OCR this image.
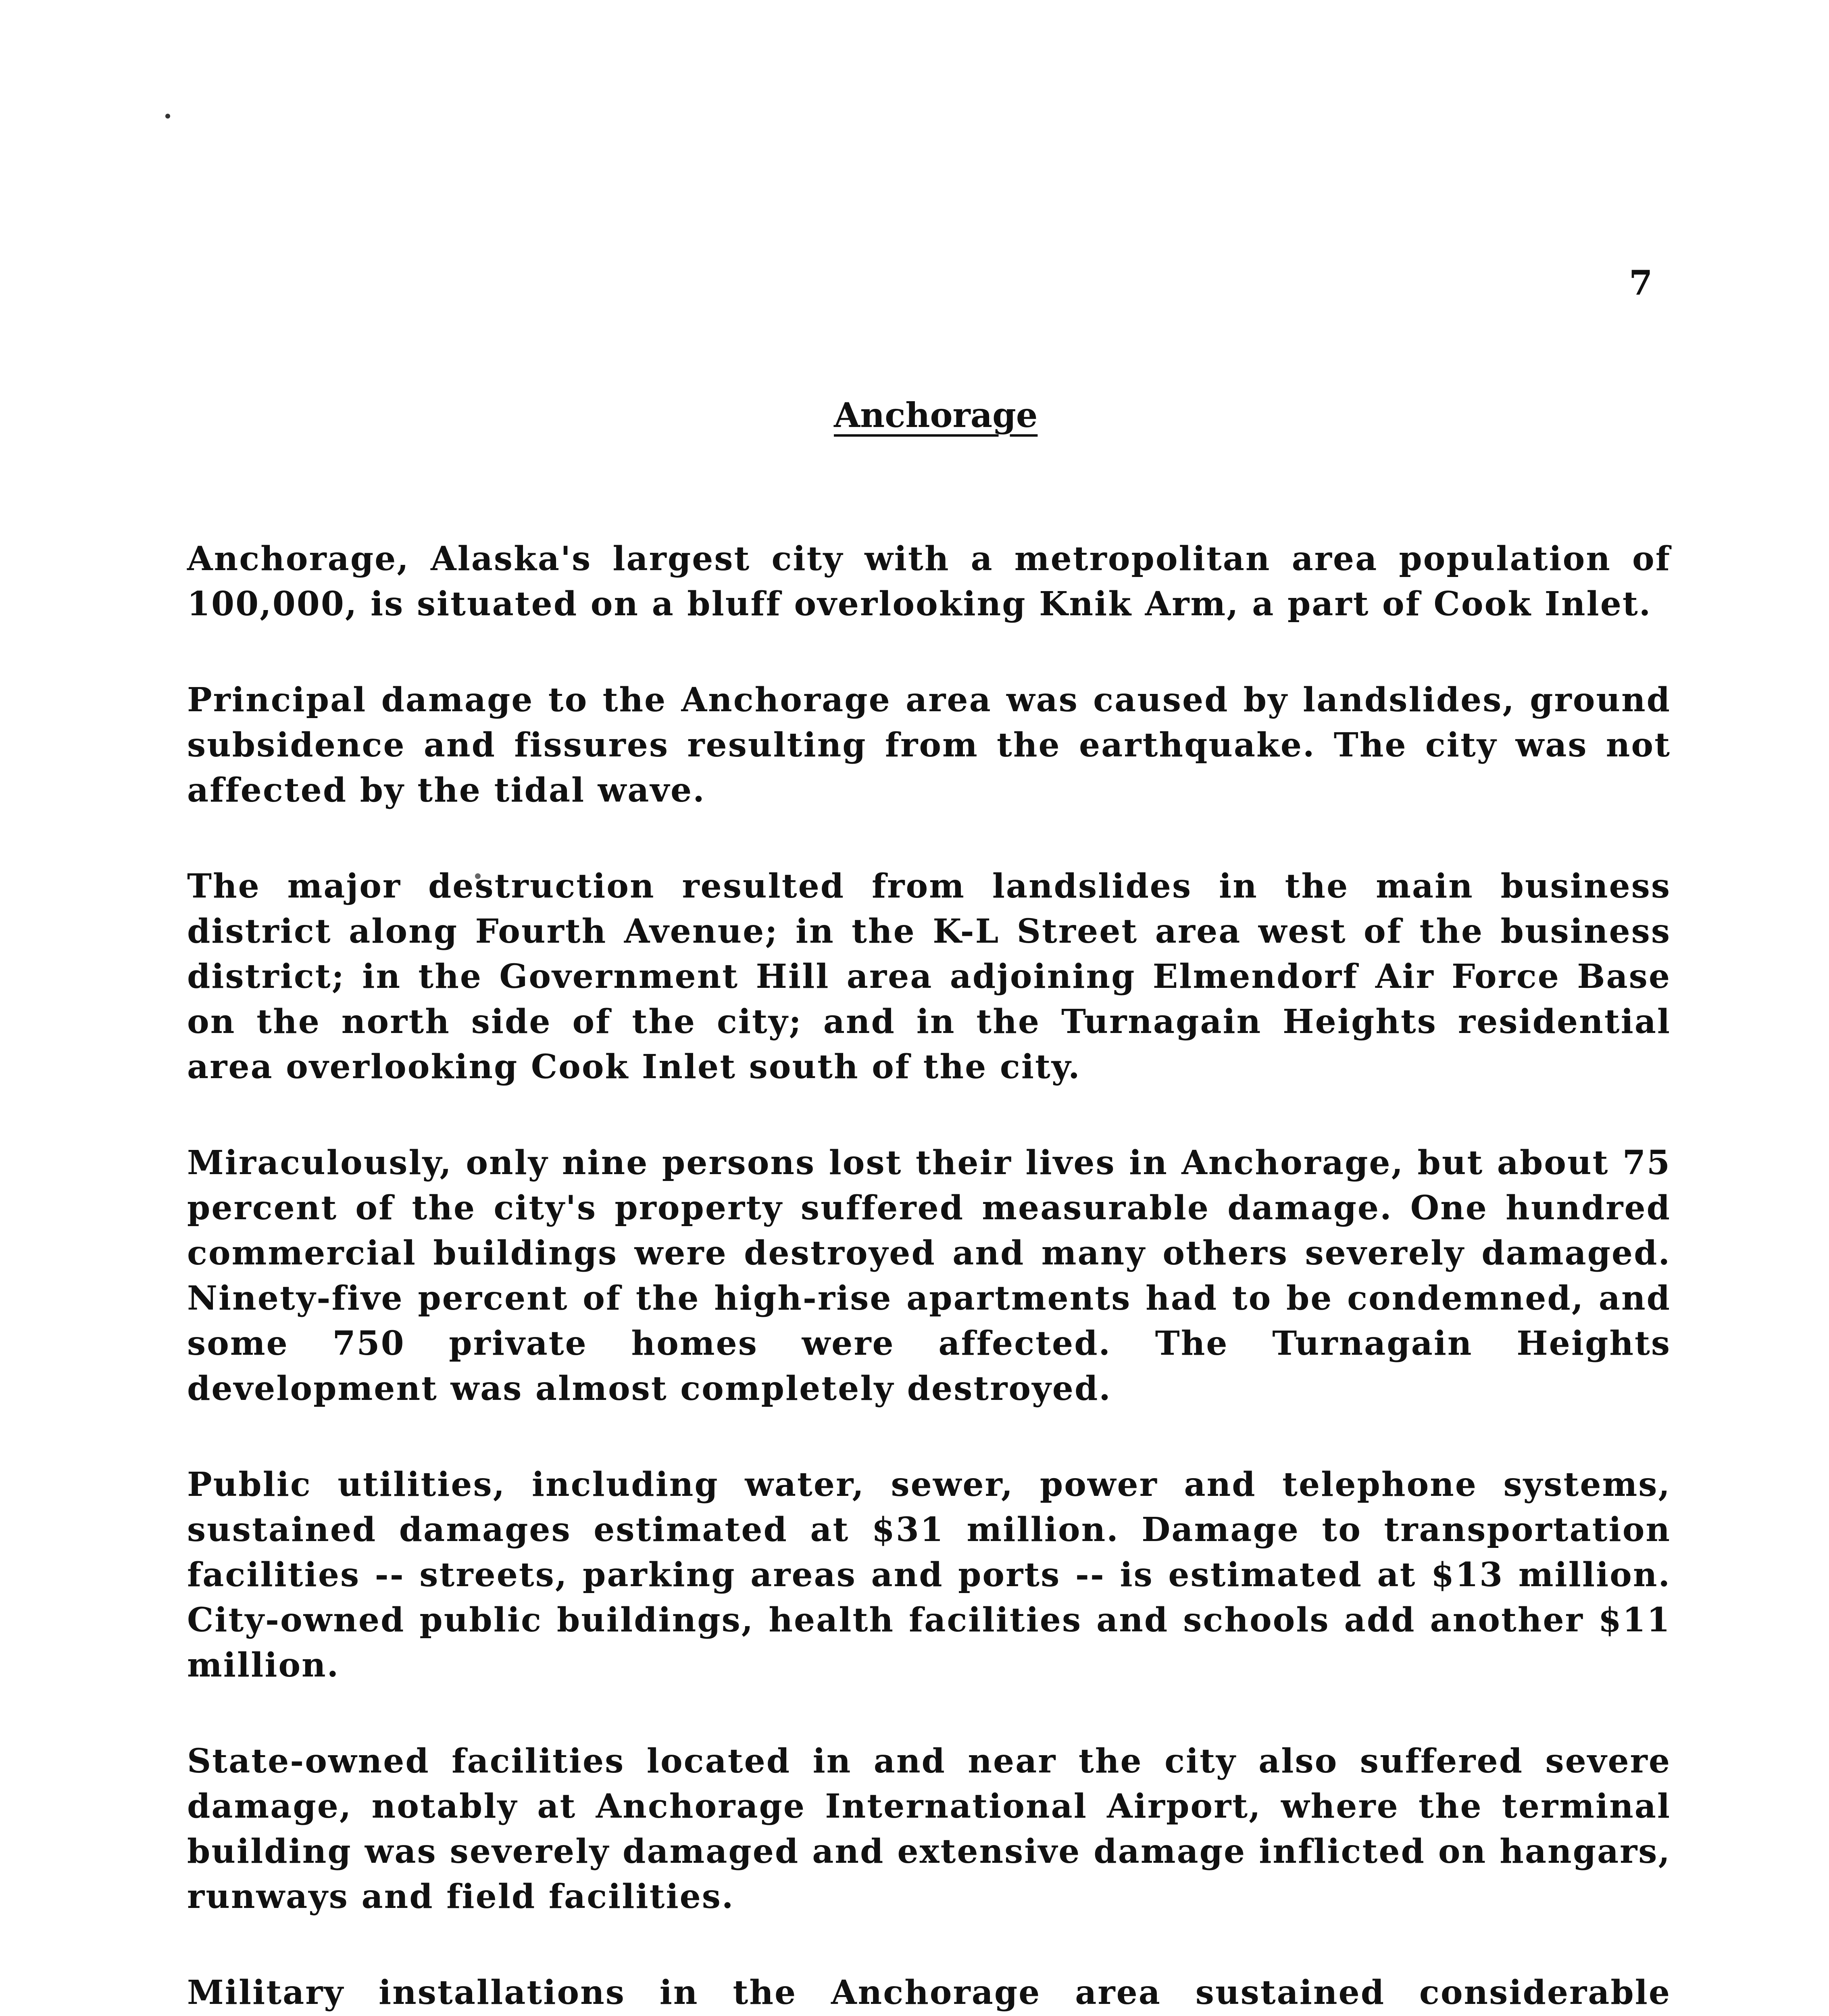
7
Anchorage

Anchorage, Alaska's largest city with a metropolitan area population of 100,000, is situated on a bluff overlooking Knik Arm, a part of Cook Inlet.

Principal damage to the Anchorage area was caused by landslides, ground subsidence and fissures resulting from the earthquake. The city was not affected by the tidal wave.

The major destruction resulted from landslides in the main business district along Fourth Avenue; in the K-L Street area west of the business district; in the Government Hill area adjoining Elmendorf Air Force Base on the north side of the city; and in the Turnagain Heights residential area overlooking Cook Inlet south of the city.

Miraculously, only nine persons lost their lives in Anchorage, but about 75 percent of the city's property suffered measurable damage. One hundred commercial buildings were destroyed and many others severely damaged. Ninety-five percent of the high-rise apartments had to be condemned, and some 750 private homes were affected. The Turnagain Heights development was almost completely destroyed.

Public utilities, including water, sewer, power and telephone systems, sustained damages estimated at $31 million. Damage to transportation facilities -- streets, parking areas and ports -- is estimated at $13 million. City-owned public buildings, health facilities and schools add another $11 million.

State-owned facilities located in and near the city also suffered severe damage, notably at Anchorage International Airport, where the terminal building was severely damaged and extensive damage inflicted on hangars, runways and field facilities.

Military installations in the Anchorage area sustained considerable
